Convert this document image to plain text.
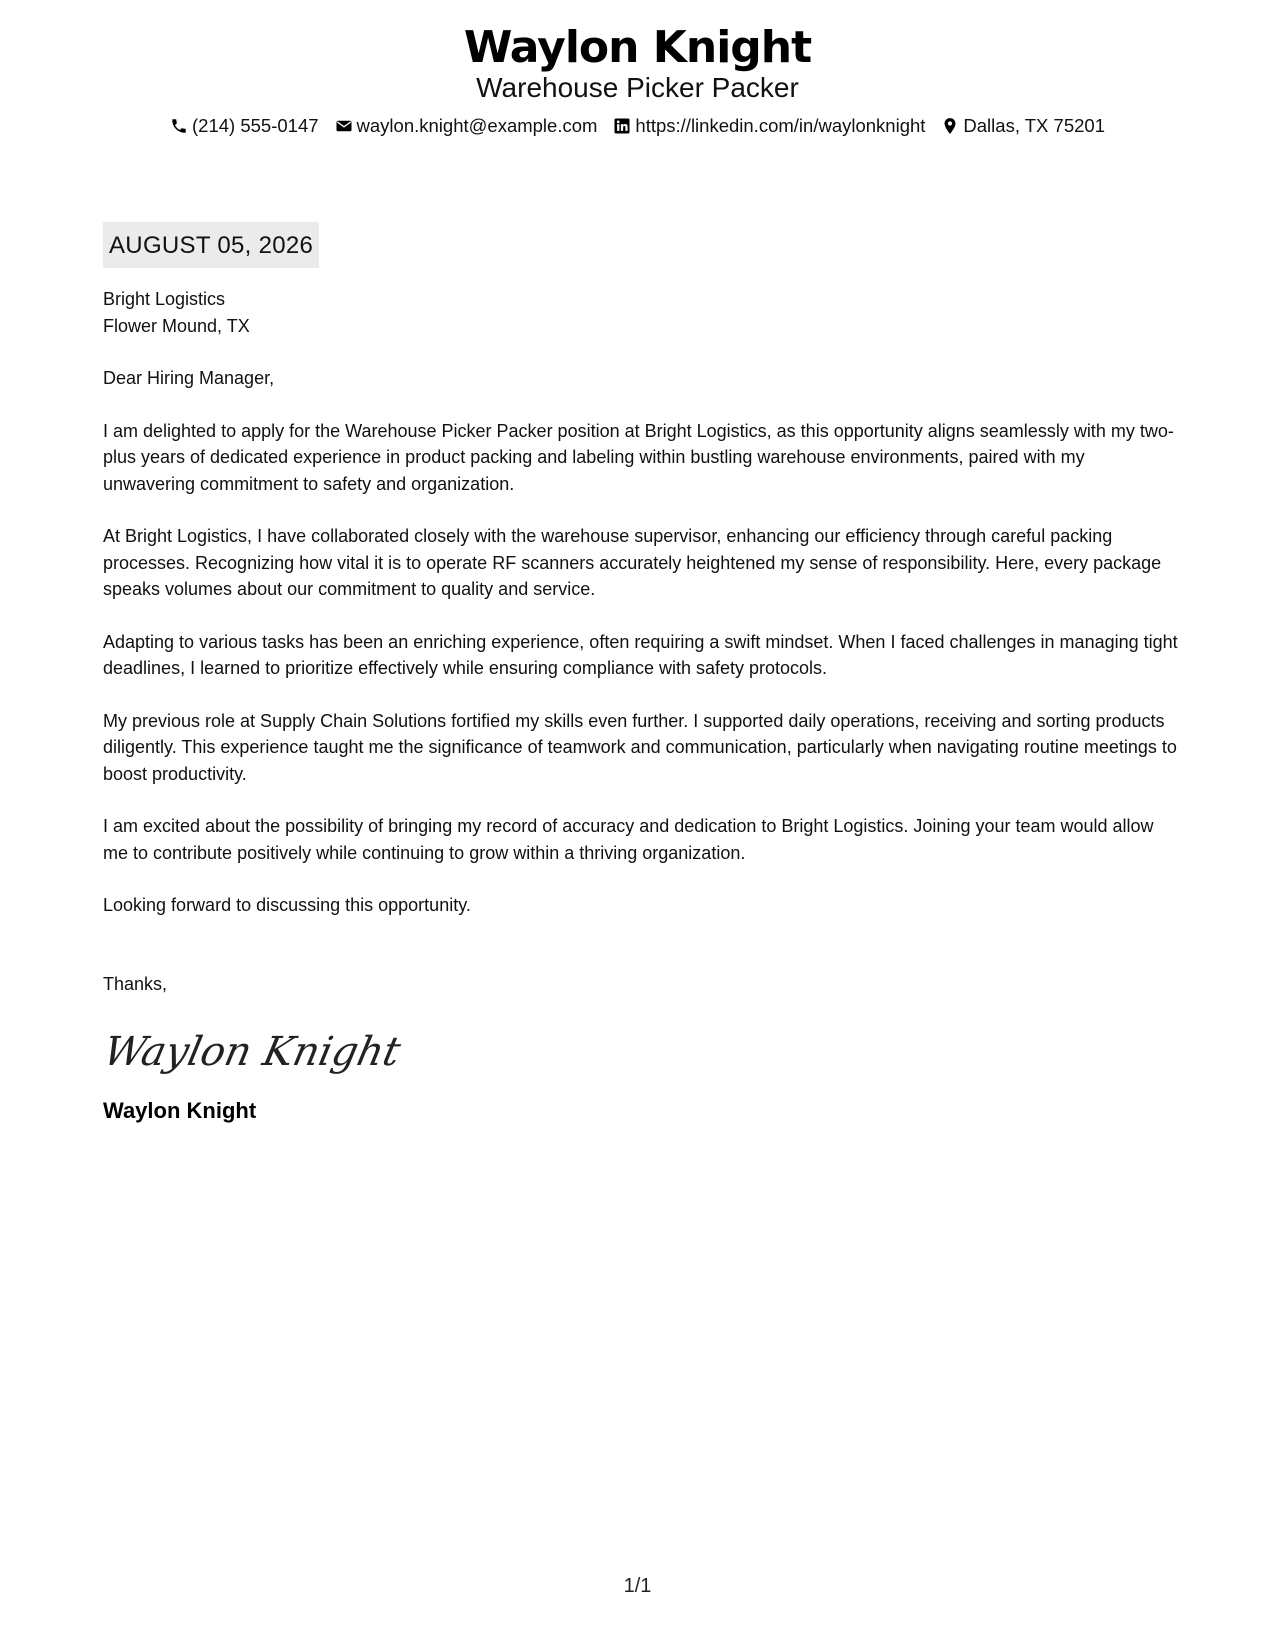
Waylon Knight
Warehouse Picker Packer
(214) 555-0147 waylon.knight@example.com https://linkedin.com/in/waylonknight Dallas, TX 75201
AUGUST 05, 2026
Bright Logistics
Flower Mound, TX
Dear Hiring Manager,
I am delighted to apply for the Warehouse Picker Packer position at Bright Logistics, as this opportunity aligns seamlessly with my two-plus years of dedicated experience in product packing and labeling within bustling warehouse environments, paired with my unwavering commitment to safety and organization.
At Bright Logistics, I have collaborated closely with the warehouse supervisor, enhancing our efficiency through careful packing processes. Recognizing how vital it is to operate RF scanners accurately heightened my sense of responsibility. Here, every package speaks volumes about our commitment to quality and service.
Adapting to various tasks has been an enriching experience, often requiring a swift mindset. When I faced challenges in managing tight deadlines, I learned to prioritize effectively while ensuring compliance with safety protocols.
My previous role at Supply Chain Solutions fortified my skills even further. I supported daily operations, receiving and sorting products diligently. This experience taught me the significance of teamwork and communication, particularly when navigating routine meetings to boost productivity.
I am excited about the possibility of bringing my record of accuracy and dedication to Bright Logistics. Joining your team would allow me to contribute positively while continuing to grow within a thriving organization.
Looking forward to discussing this opportunity.
Thanks,
Waylon Knight
Waylon Knight
1/1
